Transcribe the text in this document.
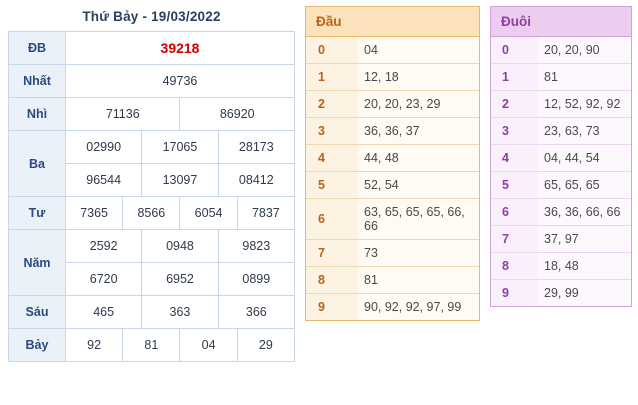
Thứ Bảy - 19/03/2022
ĐB	39218					
Nhất	49736					
Nhì	71136			86920		
Ba	02990		17065		28173	
	96544		13097		08412	
Tư	7365	8566		6054		7837
Năm	2592		0948		9823	
	6720		6952		0899	
Sáu	465		363		366	
Bảy	92	81		04		29
Đầu
0	04
1	12, 18
2	20, 20, 23, 29
3	36, 36, 37
4	44, 48
5	52, 54
6	63, 65, 65, 65, 66, 66
7	73
8	81
9	90, 92, 92, 97, 99
Đuôi
0	20, 20, 90
1	81
2	12, 52, 92, 92
3	23, 63, 73
4	04, 44, 54
5	65, 65, 65
6	36, 36, 66, 66
7	37, 97
8	18, 48
9	29, 99
